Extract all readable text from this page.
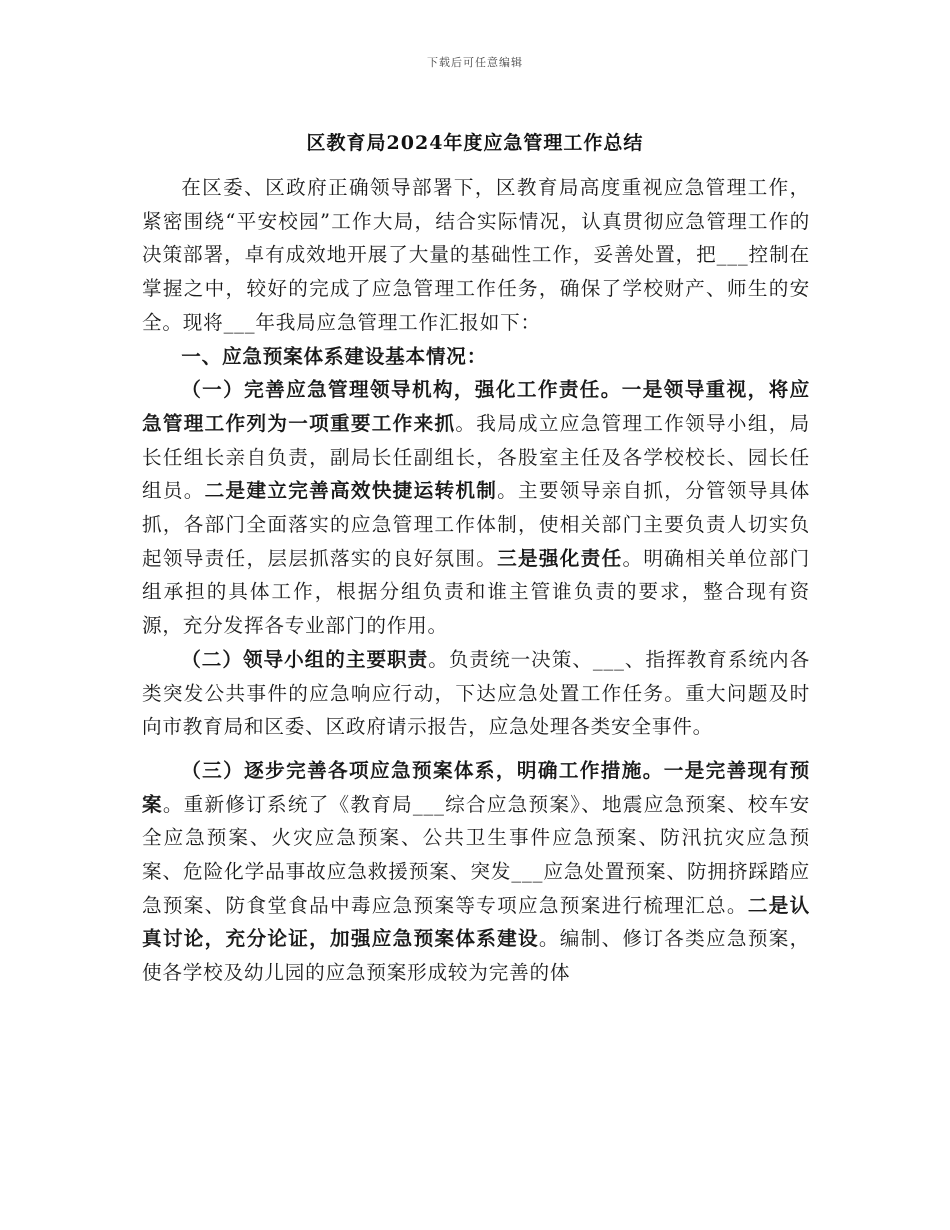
下载后可任意编辑
区教育局2024年度应急管理工作总结

在区委、区政府正确领导部署下，区教育局高度重视应急管理工作，紧密围绕“平安校园”工作大局，结合实际情况，认真贯彻应急管理工作的决策部署，卓有成效地开展了大量的基础性工作，妥善处置，把___控制在掌握之中，较好的完成了应急管理工作任务，确保了学校财产、师生的安全。现将___年我局应急管理工作汇报如下：

一、应急预案体系建设基本情况：

（一）完善应急管理领导机构，强化工作责任。一是领导重视，将应急管理工作列为一项重要工作来抓。我局成立应急管理工作领导小组，局长任组长亲自负责，副局长任副组长，各股室主任及各学校校长、园长任组员。二是建立完善高效快捷运转机制。主要领导亲自抓，分管领导具体抓，各部门全面落实的应急管理工作体制，使相关部门主要负责人切实负起领导责任，层层抓落实的良好氛围。三是强化责任。明确相关单位部门组承担的具体工作，根据分组负责和谁主管谁负责的要求，整合现有资源，充分发挥各专业部门的作用。

（二）领导小组的主要职责。负责统一决策、___、指挥教育系统内各类突发公共事件的应急响应行动，下达应急处置工作任务。重大问题及时向市教育局和区委、区政府请示报告，应急处理各类安全事件。

（三）逐步完善各项应急预案体系，明确工作措施。一是完善现有预案。重新修订系统了《教育局___综合应急预案》、地震应急预案、校车安全应急预案、火灾应急预案、公共卫生事件应急预案、防汛抗灾应急预案、危险化学品事故应急救援预案、突发___应急处置预案、防拥挤踩踏应急预案、防食堂食品中毒应急预案等专项应急预案进行梳理汇总。二是认真讨论，充分论证，加强应急预案体系建设。编制、修订各类应急预案，使各学校及幼儿园的应急预案形成较为完善的体
